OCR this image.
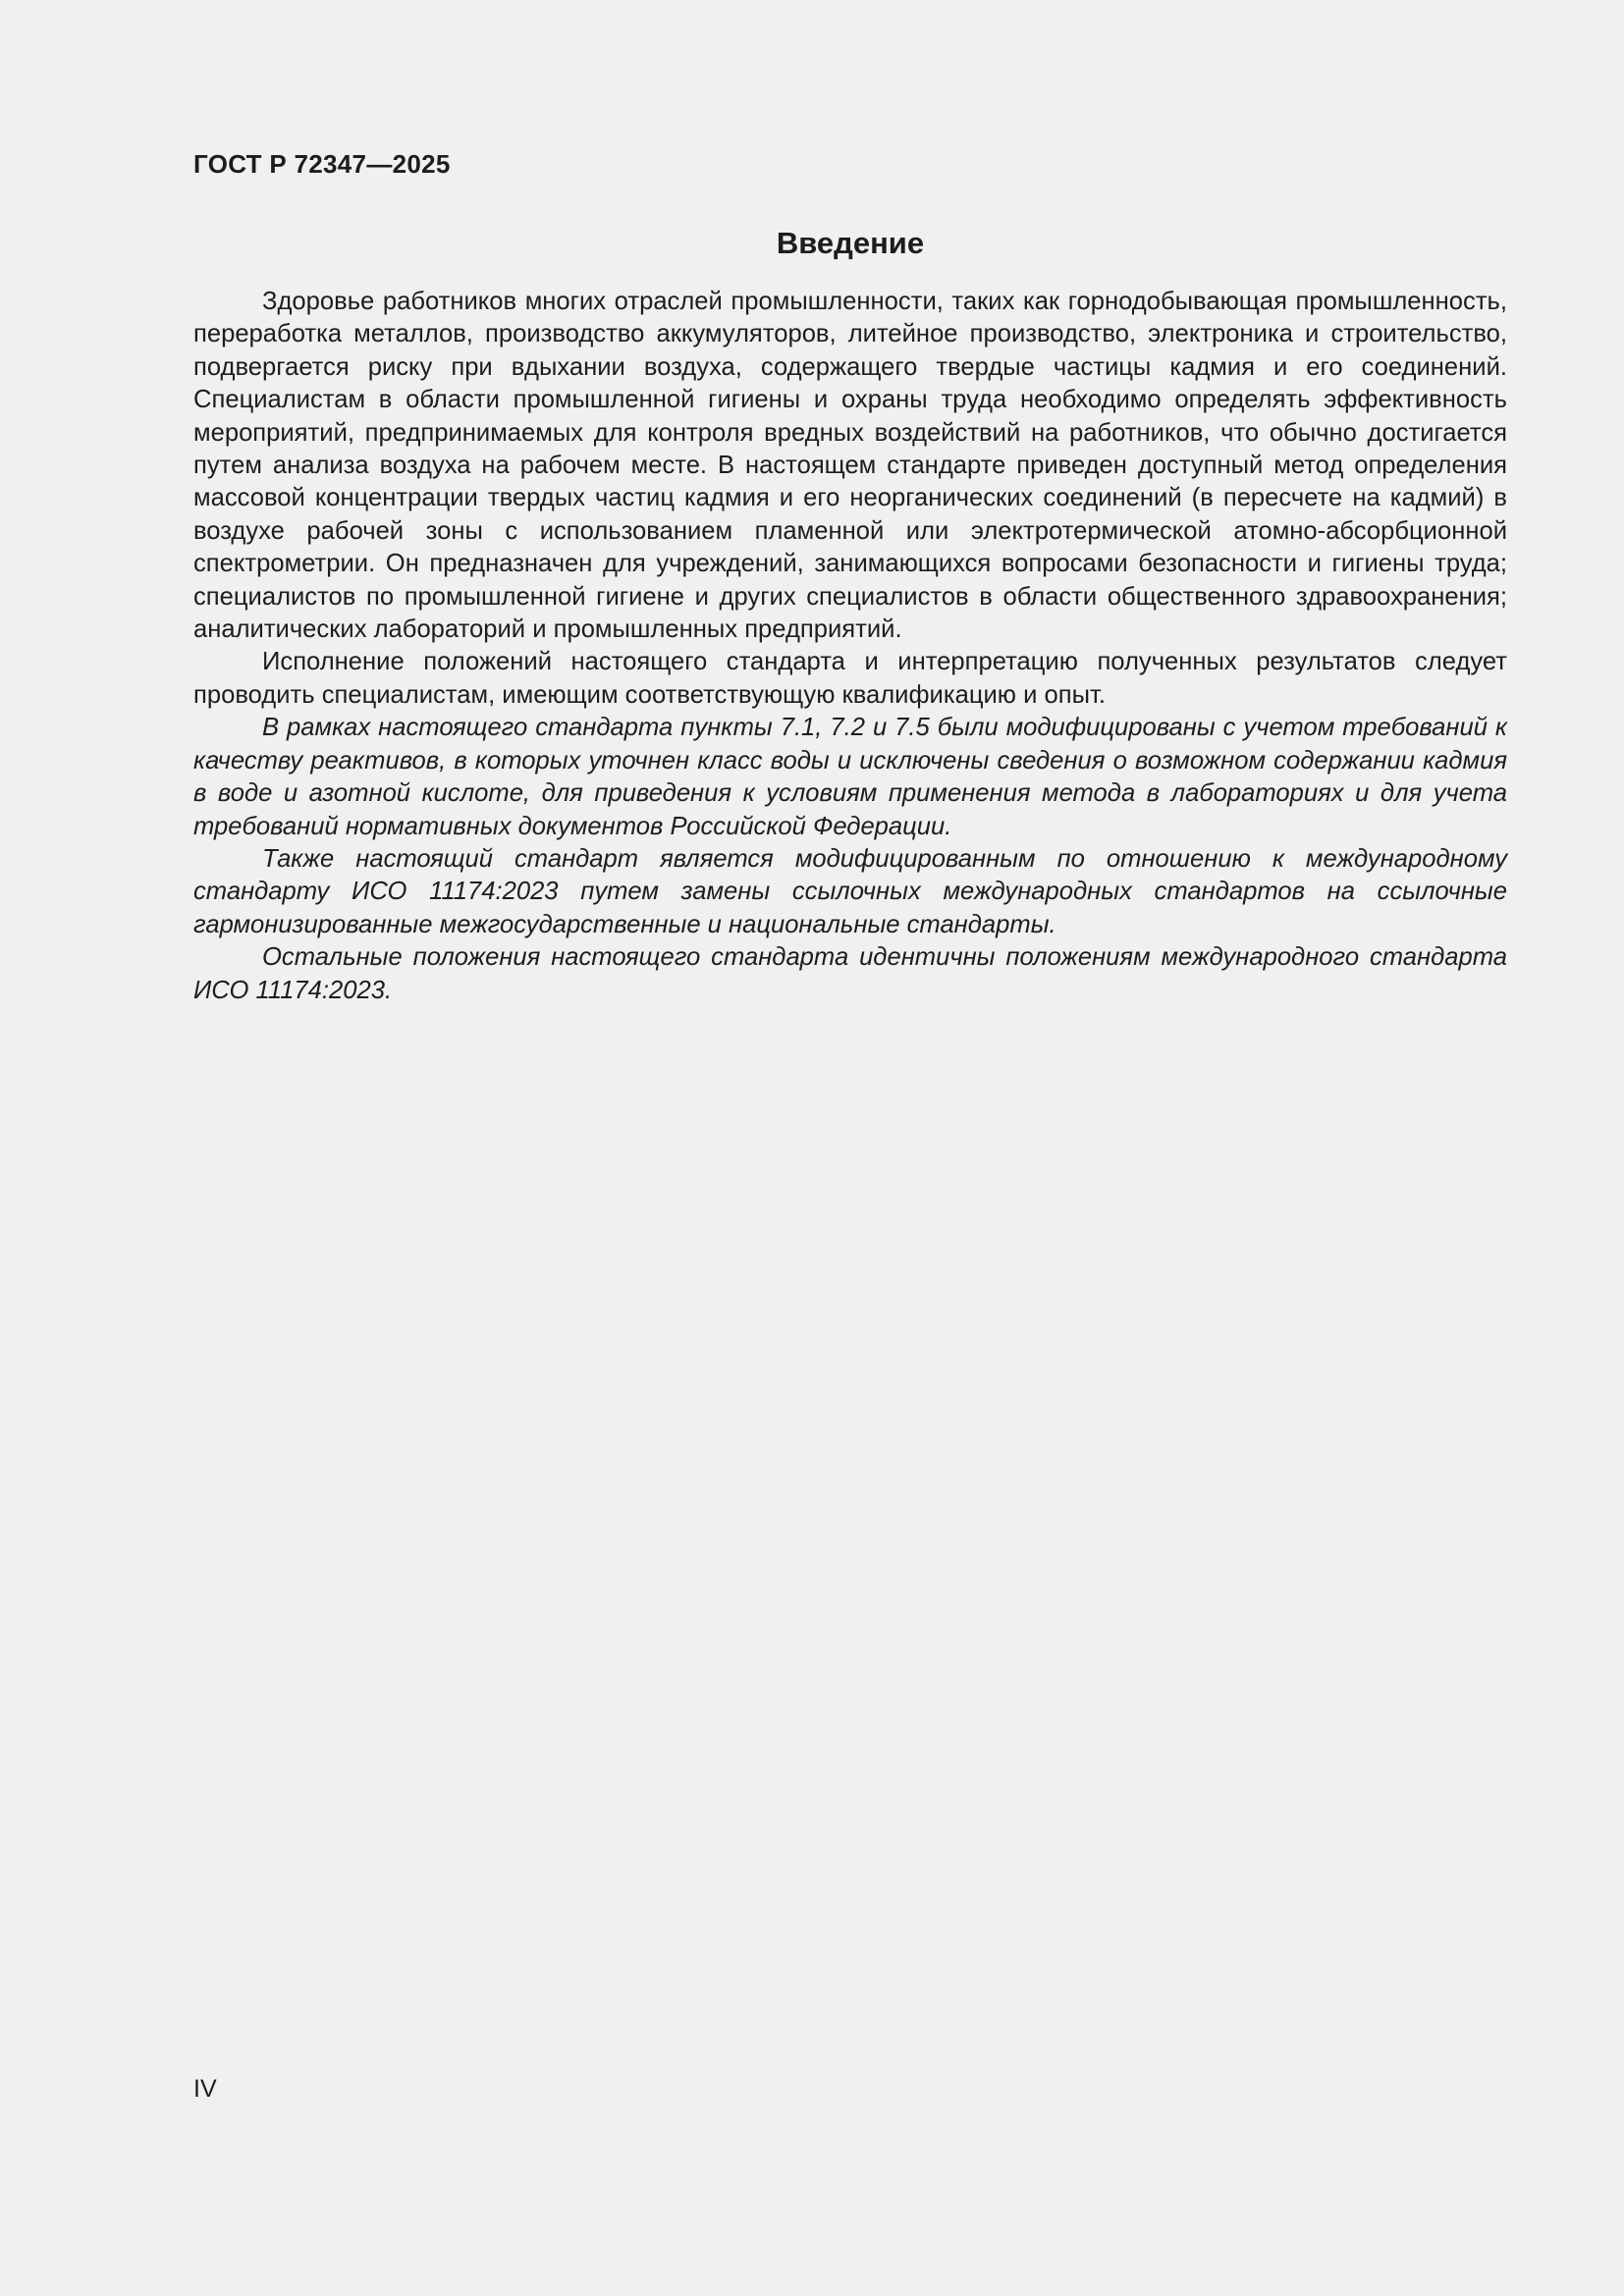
ГОСТ Р 72347—2025
Введение

Здоровье работников многих отраслей промышленности, таких как горнодобывающая промышленность, переработка металлов, производство аккумуляторов, литейное производство, электроника и строительство, подвергается риску при вдыхании воздуха, содержащего твердые частицы кадмия и его соединений. Специалистам в области промышленной гигиены и охраны труда необходимо определять эффективность мероприятий, предпринимаемых для контроля вредных воздействий на работников, что обычно достигается путем анализа воздуха на рабочем месте. В настоящем стандарте приведен доступный метод определения массовой концентрации твердых частиц кадмия и его неорганических соединений (в пересчете на кадмий) в воздухе рабочей зоны с использованием пламенной или электротермической атомно-абсорбционной спектрометрии. Он предназначен для учреждений, занимающихся вопросами безопасности и гигиены труда; специалистов по промышленной гигиене и других специалистов в области общественного здравоохранения; аналитических лабораторий и промышленных предприятий.

Исполнение положений настоящего стандарта и интерпретацию полученных результатов следует проводить специалистам, имеющим соответствующую квалификацию и опыт.

В рамках настоящего стандарта пункты 7.1, 7.2 и 7.5 были модифицированы с учетом требований к качеству реактивов, в которых уточнен класс воды и исключены сведения о возможном содержании кадмия в воде и азотной кислоте, для приведения к условиям применения метода в лабораториях и для учета требований нормативных документов Российской Федерации.

Также настоящий стандарт является модифицированным по отношению к международному стандарту ИСО 11174:2023 путем замены ссылочных международных стандартов на ссылочные гармонизированные межгосударственные и национальные стандарты.

Остальные положения настоящего стандарта идентичны положениям международного стандарта ИСО 11174:2023.

IV
